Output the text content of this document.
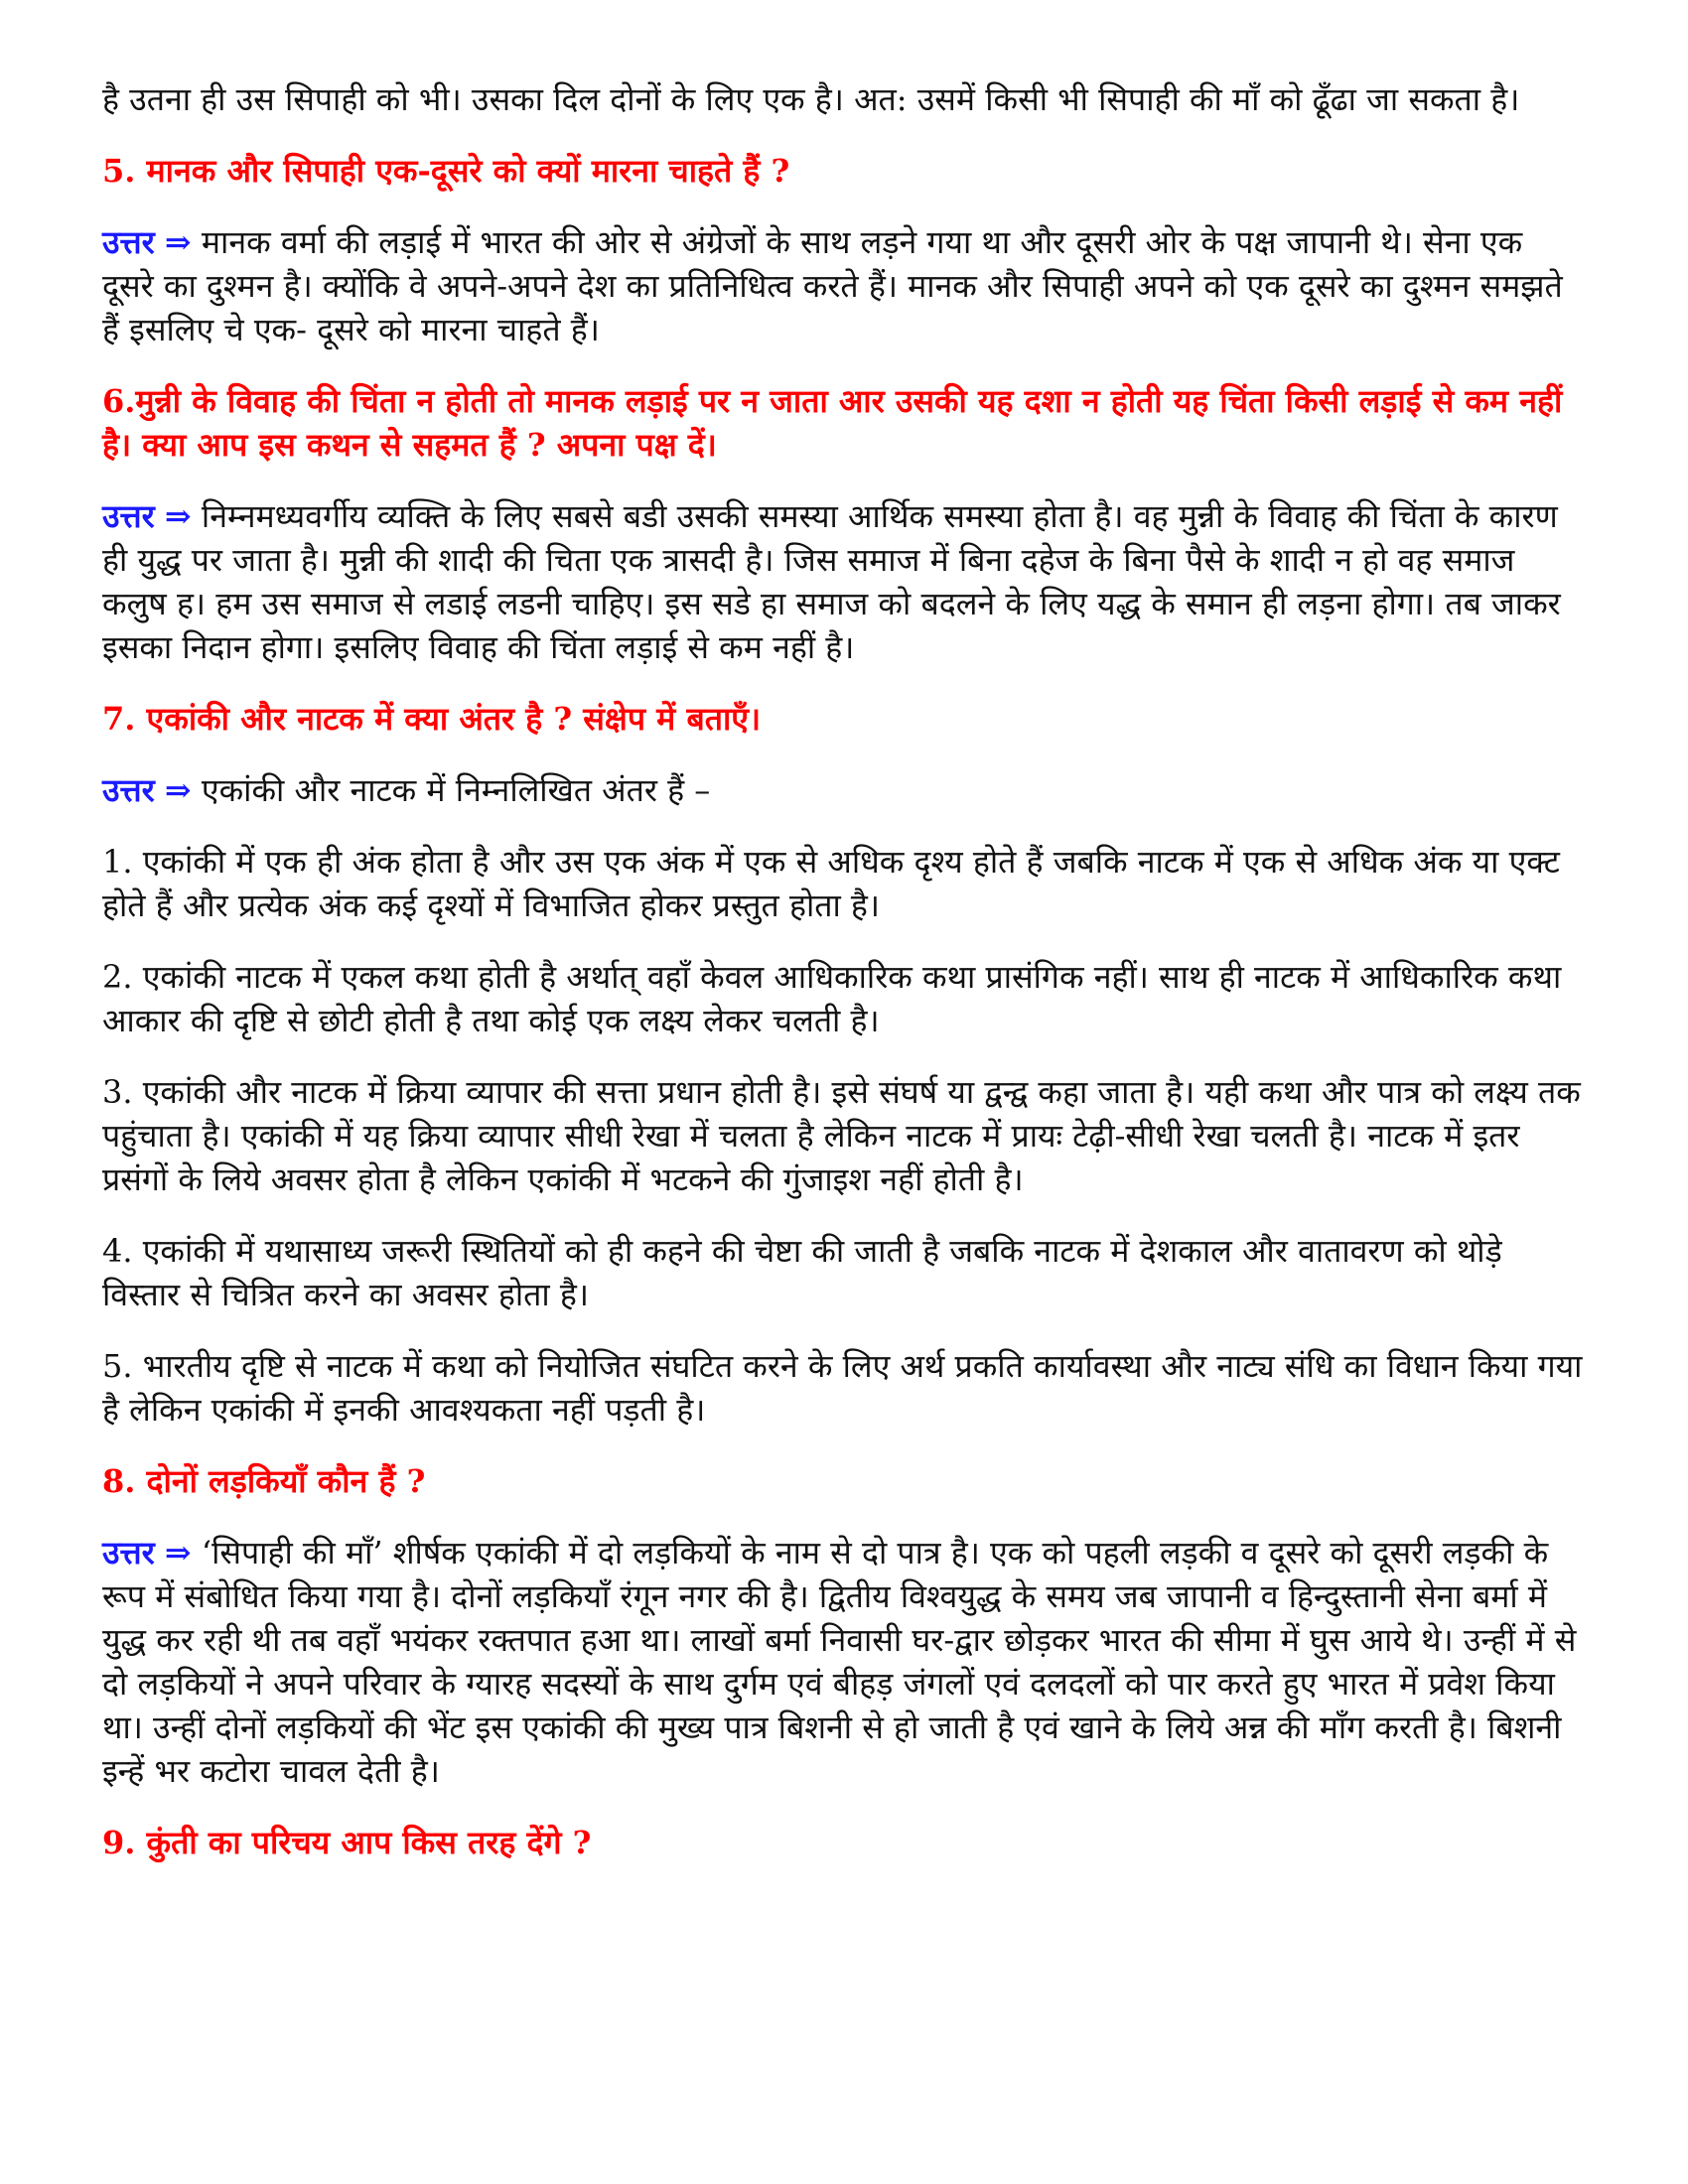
है उतना ही उस सिपाही को भी। उसका दिल दोनों के लिए एक है। अत: उसमें किसी भी सिपाही की माँ को ढूँढा जा सकता है।

5. मानक और सिपाही एक-दूसरे को क्यों मारना चाहते हैं ?

उत्तर ⇒ मानक वर्मा की लड़ाई में भारत की ओर से अंग्रेजों के साथ लड़ने गया था और दूसरी ओर के पक्ष जापानी थे। सेना एक दूसरे का दुश्मन है। क्योंकि वे अपने-अपने देश का प्रतिनिधित्व करते हैं। मानक और सिपाही अपने को एक दूसरे का दुश्मन समझते हैं इसलिए चे एक- दूसरे को मारना चाहते हैं।

6.मुन्नी के विवाह की चिंता न होती तो मानक लड़ाई पर न जाता आर उसकी यह दशा न होती यह चिंता किसी लड़ाई से कम नहीं है। क्या आप इस कथन से सहमत हैं ? अपना पक्ष दें।

उत्तर ⇒ निम्नमध्यवर्गीय व्यक्ति के लिए सबसे बडी उसकी समस्या आर्थिक समस्या होता है। वह मुन्नी के विवाह की चिंता के कारण ही युद्ध पर जाता है। मुन्नी की शादी की चिता एक त्रासदी है। जिस समाज में बिना दहेज के बिना पैसे के शादी न हो वह समाज कलुष ह। हम उस समाज से लडाई लडनी चाहिए। इस सडे हा समाज को बदलने के लिए यद्ध के समान ही लड़ना होगा। तब जाकर इसका निदान होगा। इसलिए विवाह की चिंता लड़ाई से कम नहीं है।

7. एकांकी और नाटक में क्या अंतर है ? संक्षेप में बताएँ।

उत्तर ⇒ एकांकी और नाटक में निम्नलिखित अंतर हैं –

1. एकांकी में एक ही अंक होता है और उस एक अंक में एक से अधिक दृश्य होते हैं जबकि नाटक में एक से अधिक अंक या एक्ट होते हैं और प्रत्येक अंक कई दृश्यों में विभाजित होकर प्रस्तुत होता है।

2. एकांकी नाटक में एकल कथा होती है अर्थात् वहाँ केवल आधिकारिक कथा प्रासंगिक नहीं। साथ ही नाटक में आधिकारिक कथा आकार की दृष्टि से छोटी होती है तथा कोई एक लक्ष्य लेकर चलती है।

3. एकांकी और नाटक में क्रिया व्यापार की सत्ता प्रधान होती है। इसे संघर्ष या द्वन्द्व कहा जाता है। यही कथा और पात्र को लक्ष्य तक पहुंचाता है। एकांकी में यह क्रिया व्यापार सीधी रेखा में चलता है लेकिन नाटक में प्रायः टेढ़ी-सीधी रेखा चलती है। नाटक में इतर प्रसंगों के लिये अवसर होता है लेकिन एकांकी में भटकने की गुंजाइश नहीं होती है।

4. एकांकी में यथासाध्य जरूरी स्थितियों को ही कहने की चेष्टा की जाती है जबकि नाटक में देशकाल और वातावरण को थोड़े विस्तार से चित्रित करने का अवसर होता है।

5. भारतीय दृष्टि से नाटक में कथा को नियोजित संघटित करने के लिए अर्थ प्रकति कार्यावस्था और नाट्य संधि का विधान किया गया है लेकिन एकांकी में इनकी आवश्यकता नहीं पड़ती है।

8. दोनों लड़कियाँ कौन हैं ?

उत्तर ⇒ ‘सिपाही की माँ’ शीर्षक एकांकी में दो लड़कियों के नाम से दो पात्र है। एक को पहली लड़की व दूसरे को दूसरी लड़की के रूप में संबोधित किया गया है। दोनों लड़कियाँ रंगून नगर की है। द्वितीय विश्वयुद्ध के समय जब जापानी व हिन्दुस्तानी सेना बर्मा में युद्ध कर रही थी तब वहाँ भयंकर रक्तपात हआ था। लाखों बर्मा निवासी घर-द्वार छोड़कर भारत की सीमा में घुस आये थे। उन्हीं में से दो लड़कियों ने अपने परिवार के ग्यारह सदस्यों के साथ दुर्गम एवं बीहड़ जंगलों एवं दलदलों को पार करते हुए भारत में प्रवेश किया था। उन्हीं दोनों लड़कियों की भेंट इस एकांकी की मुख्य पात्र बिशनी से हो जाती है एवं खाने के लिये अन्न की माँग करती है। बिशनी इन्हें भर कटोरा चावल देती है।

9. कुंती का परिचय आप किस तरह देंगे ?
